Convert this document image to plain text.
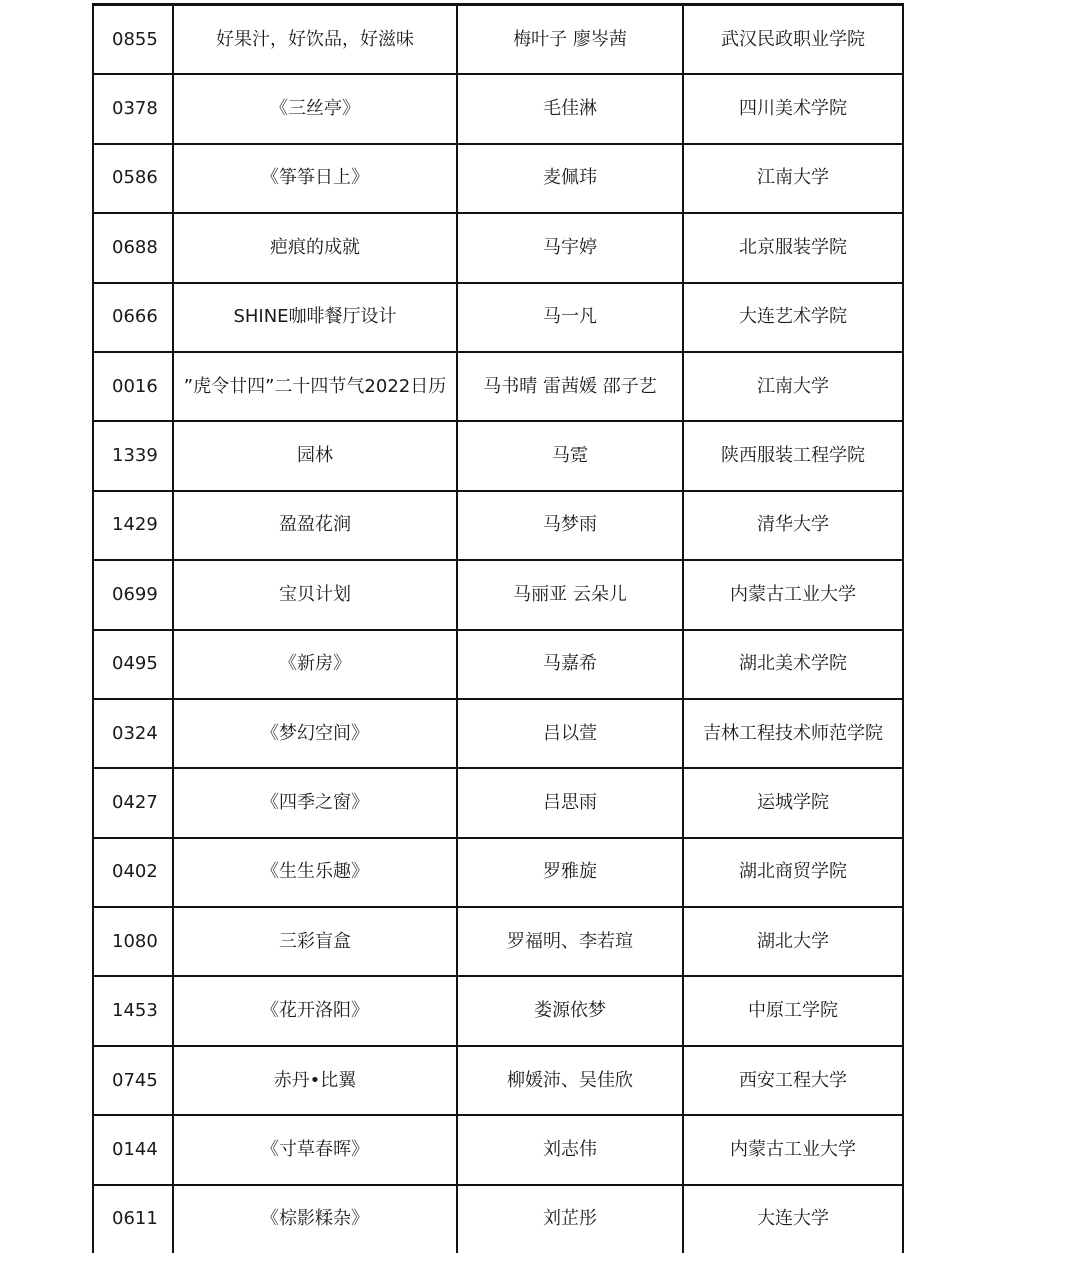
0855	好果汁，好饮品，好滋味	梅叶子 廖岑茜	武汉民政职业学院
0378	《三丝亭》	毛佳淋	四川美术学院
0586	《筝筝日上》	麦佩玮	江南大学
0688	疤痕的成就	马宇婷	北京服装学院
0666	SHINE咖啡餐厅设计	马一凡	大连艺术学院
0016	”虎令廿四”二十四节气2022日历	马书晴 雷茜媛 邵子艺	江南大学
1339	园林	马霓	陕西服装工程学院
1429	盈盈花涧	马梦雨	清华大学
0699	宝贝计划	马丽亚 云朵儿	内蒙古工业大学
0495	《新房》	马嘉希	湖北美术学院
0324	《梦幻空间》	吕以萱	吉林工程技术师范学院
0427	《四季之窗》	吕思雨	运城学院
0402	《生生乐趣》	罗雅旋	湖北商贸学院
1080	三彩盲盒	罗福明、李若瑄	湖北大学
1453	《花开洛阳》	娄源依梦	中原工学院
0745	赤丹•比翼	柳媛沛、吴佳欣	西安工程大学
0144	《寸草春晖》	刘志伟	内蒙古工业大学
0611	《棕影糅杂》	刘芷彤	大连大学
